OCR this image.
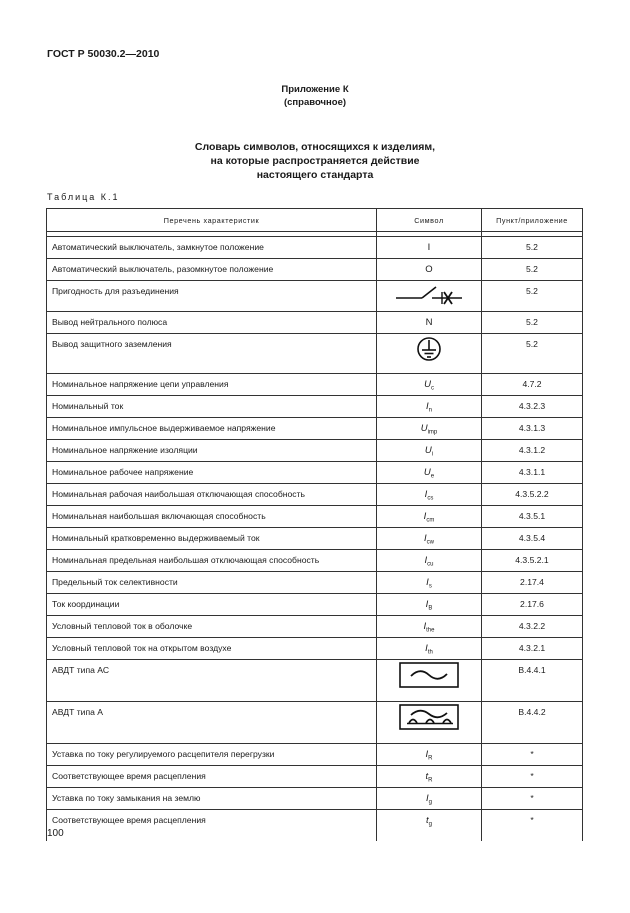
ГОСТ Р 50030.2—2010
Приложение К
(справочное)
Словарь символов, относящихся к изделиям,
на которые распространяется действие
настоящего стандарта
Таблица К.1
Перечень характеристик	Символ	Пункт/приложение

Автоматический выключатель, замкнутое положение	I	5.2
Автоматический выключатель, разомкнутое положение	O	5.2
Пригодность для разъединения		5.2
Вывод нейтрального полюса	N	5.2
Вывод защитного заземления		5.2
Номинальное напряжение цепи управления	$U_c$	4.7.2
Номинальный ток	$I_n$	4.3.2.3
Номинальное импульсное выдерживаемое напряжение	$U_{imp}$	4.3.1.3
Номинальное напряжение изоляции	$U_i$	4.3.1.2
Номинальное рабочее напряжение	$U_e$	4.3.1.1
Номинальная рабочая наибольшая отключающая способность	$I_{cs}$	4.3.5.2.2
Номинальная наибольшая включающая способность	$I_{cm}$	4.3.5.1
Номинальный кратковременно выдерживаемый ток	$I_{cw}$	4.3.5.4
Номинальная предельная наибольшая отключающая способность	$I_{cu}$	4.3.5.2.1
Предельный ток селективности	$I_s$	2.17.4
Ток координации	$I_B$	2.17.6
Условный тепловой ток в оболочке	$I_{the}$	4.3.2.2
Условный тепловой ток на открытом воздухе	$I_{th}$	4.3.2.1
АВДТ типа АС		B.4.4.1
АВДТ типа А		B.4.4.2
Уставка по току регулируемого расцепителя перегрузки	$I_R$	*
Соответствующее время расцепления	$t_R$	*
Уставка по току замыкания на землю	$I_g$	*
Соответствующее время расцепления	$t_g$	*
100
